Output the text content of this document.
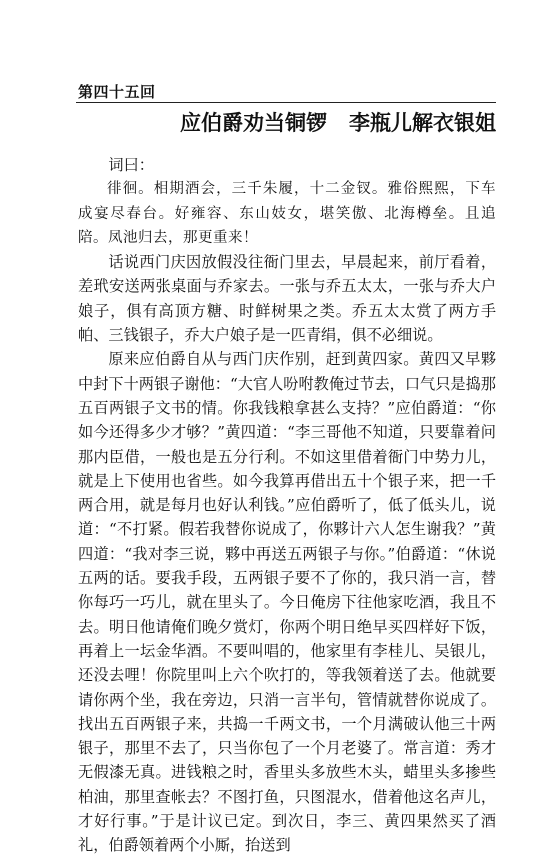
第四十五回
应伯爵劝当铜锣 李瓶儿解衣银姐

词曰：

徘徊。相期酒会，三千朱履，十二金钗。雅俗熙熙，下车成宴尽春台。好雍容、东山妓女，堪笑傲、北海樽垒。且追陪。凤池归去，那更重来！

话说西门庆因放假没往衙门里去，早晨起来，前厅看着，差玳安送两张桌面与乔家去。一张与乔五太太，一张与乔大户娘子，俱有高顶方糖、时鲜树果之类。乔五太太赏了两方手帕、三钱银子，乔大户娘子是一匹青绢，俱不必细说。

原来应伯爵自从与西门庆作别，赶到黄四家。黄四又早夥中封下十两银子谢他：“大官人吩咐教俺过节去，口气只是捣那五百两银子文书的情。你我钱粮拿甚么支持？”应伯爵道：“你如今还得多少才够？”黄四道：“李三哥他不知道，只要靠着问那内臣借，一般也是五分行利。不如这里借着衙门中势力儿，就是上下使用也省些。如今我算再借出五十个银子来，把一千两合用，就是每月也好认利钱。”应伯爵听了，低了低头儿，说道：“不打紧。假若我替你说成了，你夥计六人怎生谢我？”黄四道：“我对李三说，夥中再送五两银子与你。”伯爵道：“休说五两的话。要我手段，五两银子要不了你的，我只消一言，替你每巧一巧儿，就在里头了。今日俺房下往他家吃酒，我且不去。明日他请俺们晚夕赏灯，你两个明日绝早买四样好下饭，再着上一坛金华酒。不要叫唱的，他家里有李桂儿、吴银儿，还没去哩！你院里叫上六个吹打的，等我领着送了去。他就要请你两个坐，我在旁边，只消一言半句，管情就替你说成了。找出五百两银子来，共捣一千两文书，一个月满破认他三十两银子，那里不去了，只当你包了一个月老婆了。常言道：秀才无假漆无真。进钱粮之时，香里头多放些木头，蜡里头多掺些柏油，那里查帐去？不图打鱼，只图混水，借着他这名声儿，才好行事。”于是计议已定。到次日，李三、黄四果然买了酒礼，伯爵领着两个小厮，抬送到
